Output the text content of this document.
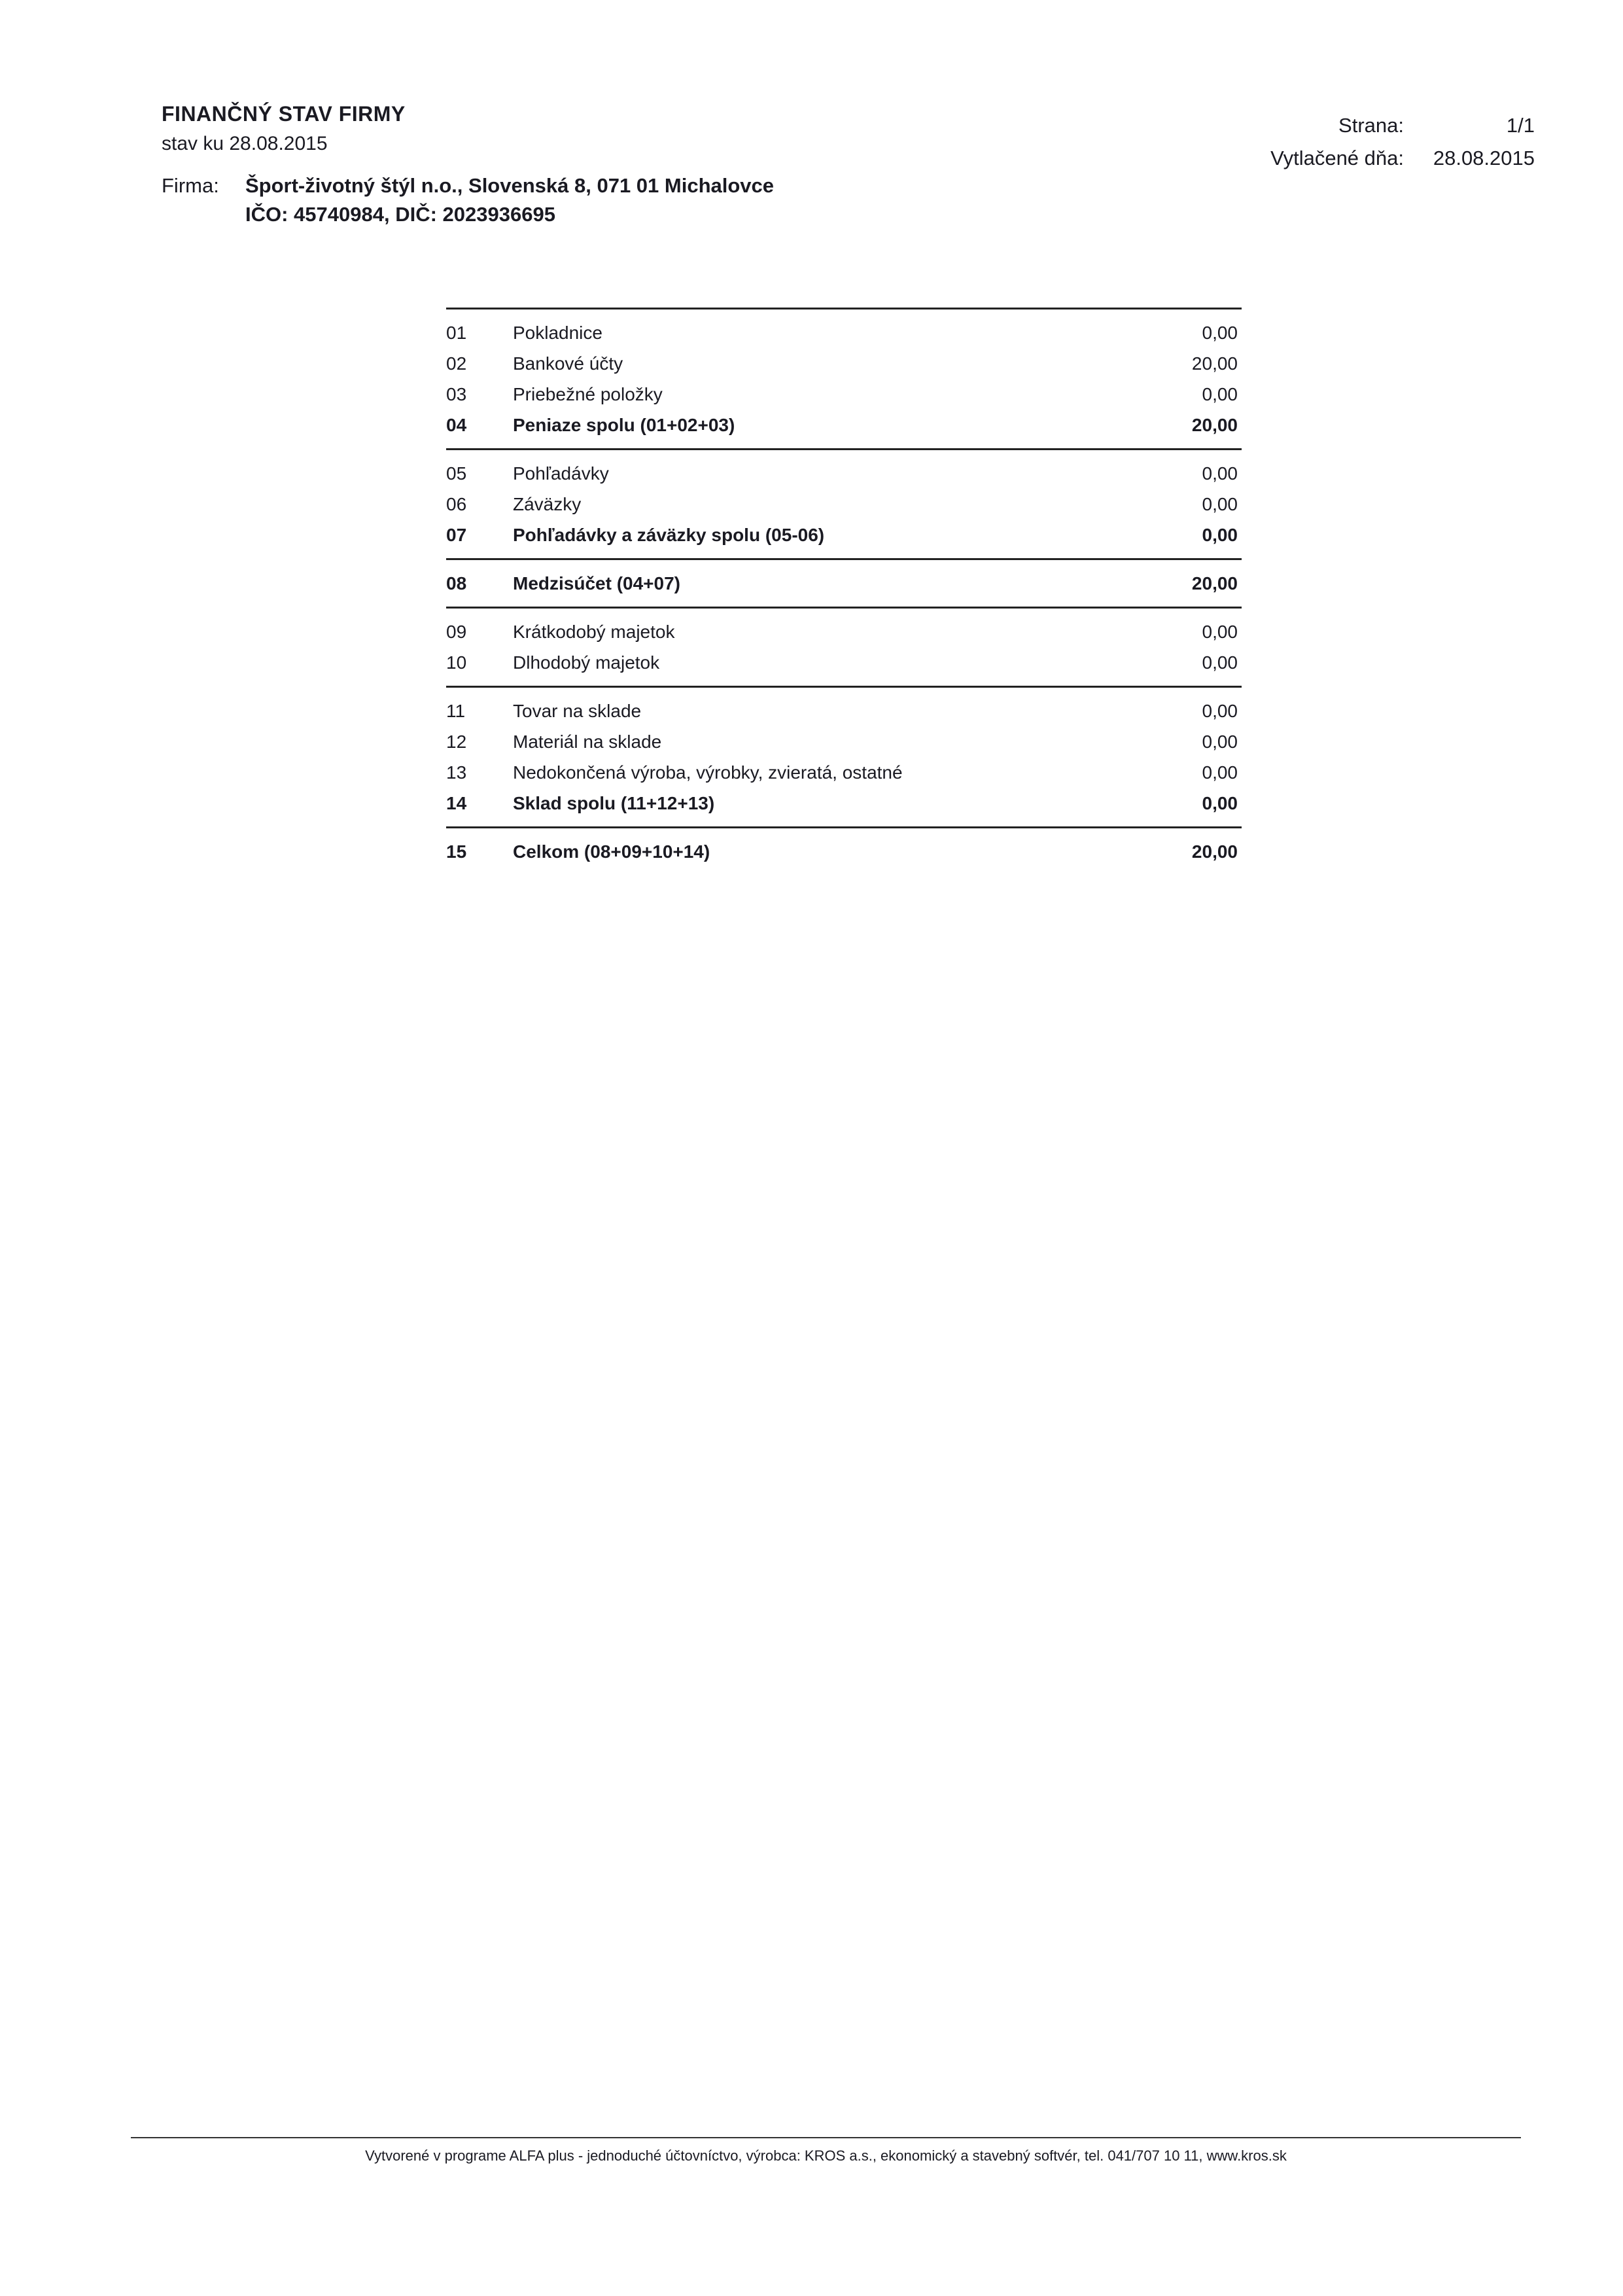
FINANČNÝ STAV FIRMY
stav ku 28.08.2015
Firma: Šport-životný štýl n.o., Slovenská 8, 071 01 Michalovce
IČO: 45740984, DIČ: 2023936695
Strana:	1/1
Vytlačené dňa:	28.08.2015
01	Pokladnice	0,00
02	Bankové účty	20,00
03	Priebežné položky	0,00
04	Peniaze spolu (01+02+03)	20,00
05	Pohľadávky	0,00
06	Záväzky	0,00
07	Pohľadávky a záväzky spolu (05-06)	0,00
08	Medzisúčet (04+07)	20,00
09	Krátkodobý majetok	0,00
10	Dlhodobý majetok	0,00
11	Tovar na sklade	0,00
12	Materiál na sklade	0,00
13	Nedokončená výroba, výrobky, zvieratá, ostatné	0,00
14	Sklad spolu (11+12+13)	0,00
15	Celkom (08+09+10+14)	20,00
Vytvorené v programe ALFA plus - jednoduché účtovníctvo, výrobca: KROS a.s., ekonomický a stavebný softvér, tel. 041/707 10 11, www.kros.sk
